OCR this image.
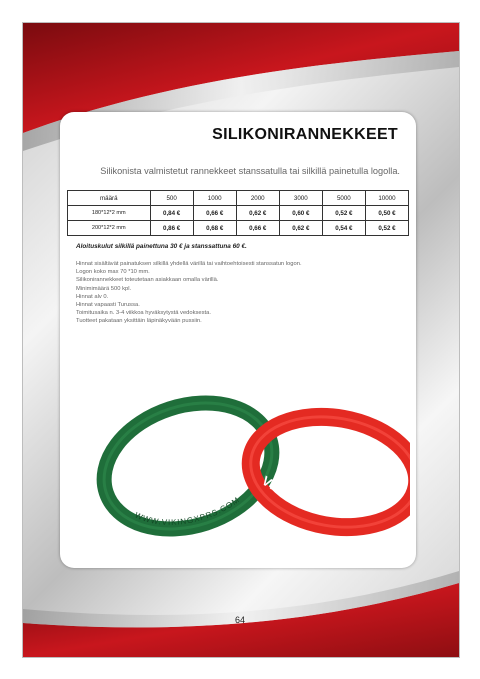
SILIKONIRANNEKKEET

Silikonista valmistetut rannekkeet stanssatulla tai silkillä painetulla logolla.

määrä	500	1000	2000	3000	5000	10000
180*12*2 mm	0,84 €	0,66 €	0,62 €	0,60 €	0,52 €	0,50 €
200*12*2 mm	0,86 €	0,68 €	0,66 €	0,62 €	0,54 €	0,52 €

Aloituskulut silkillä painettuna 30 € ja stanssattuna 60 €.

Hinnat sisältävät painatuksen silkillä yhdellä värillä tai vaihtoehtoisesti stanssatun logon.
Logon koko max 70 *10 mm.
Silikonirannekkeet toteutetaan asiakkaan omalla värillä.
Minimimäärä 500 kpl.
Hinnat alv 0.
Hinnat vapaasti Turussa.
Toimitusaika n. 3-4 viikkoa hyväksytystä vedoksesta.
Tuotteet pakataan yksittäin läpinäkyvään pussiin.
WWW.VIKINGXPRS.COM
VIKING XPRS
64
